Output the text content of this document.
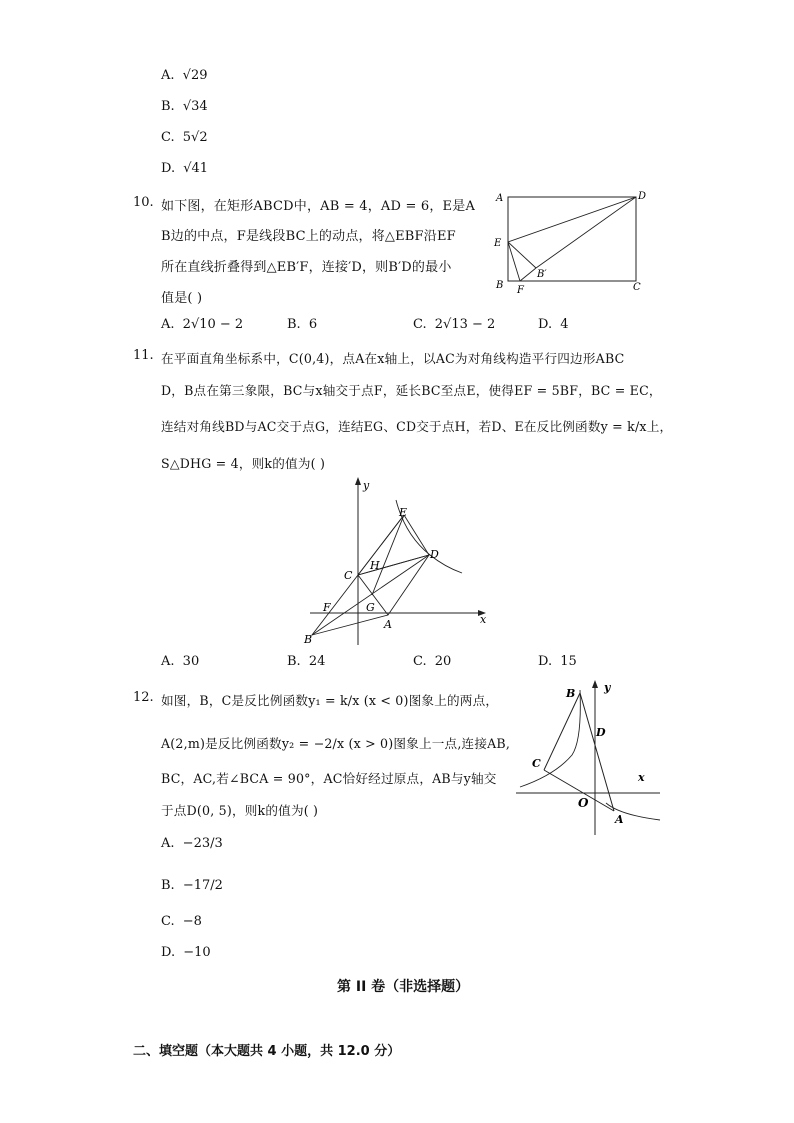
A. √29
B. √34
C. 5√2
D. √41
10. 如下图，在矩形ABCD中，AB = 4，AD = 6，E是A
B边的中点，F是线段BC上的动点，将△EBF沿EF
所在直线折叠得到△EB′F，连接′D，则B′D的最小
值是( )
A	D
E
B F
B′
C
A. 2√10 − 2	B. 6	C. 2√13 − 2	D. 4
11. 在平面直角坐标系中，C(0,4)，点A在x轴上，以AC为对角线构造平行四边形ABC
D，B点在第三象限，BC与x轴交于点F，延长BC至点E，使得EF = 5BF，BC = EC，
连结对角线BD与AC交于点G，连结EG、CD交于点H，若D、E在反比例函数y = k/x上，
S△DHG = 4，则k的值为( )
y
x
E
D
C
H
F	G
A
B
A. 30	B. 24	C. 20	D. 15
12. 如图，B，C是反比例函数y₁ = k/x (x < 0)图象上的两点，
A(2,m)是反比例函数y₂ = −2/x (x > 0)图象上一点,连接AB,
BC，AC,若∠BCA = 90°，AC恰好经过原点，AB与y轴交
于点D(0, 5)，则k的值为( )
B	y
D
C
x
O
A
A. −23/3
B. −17/2
C. −8
D. −10
第 II 卷（非选择题）
二、填空题（本大题共 4 小题，共 12.0 分）
